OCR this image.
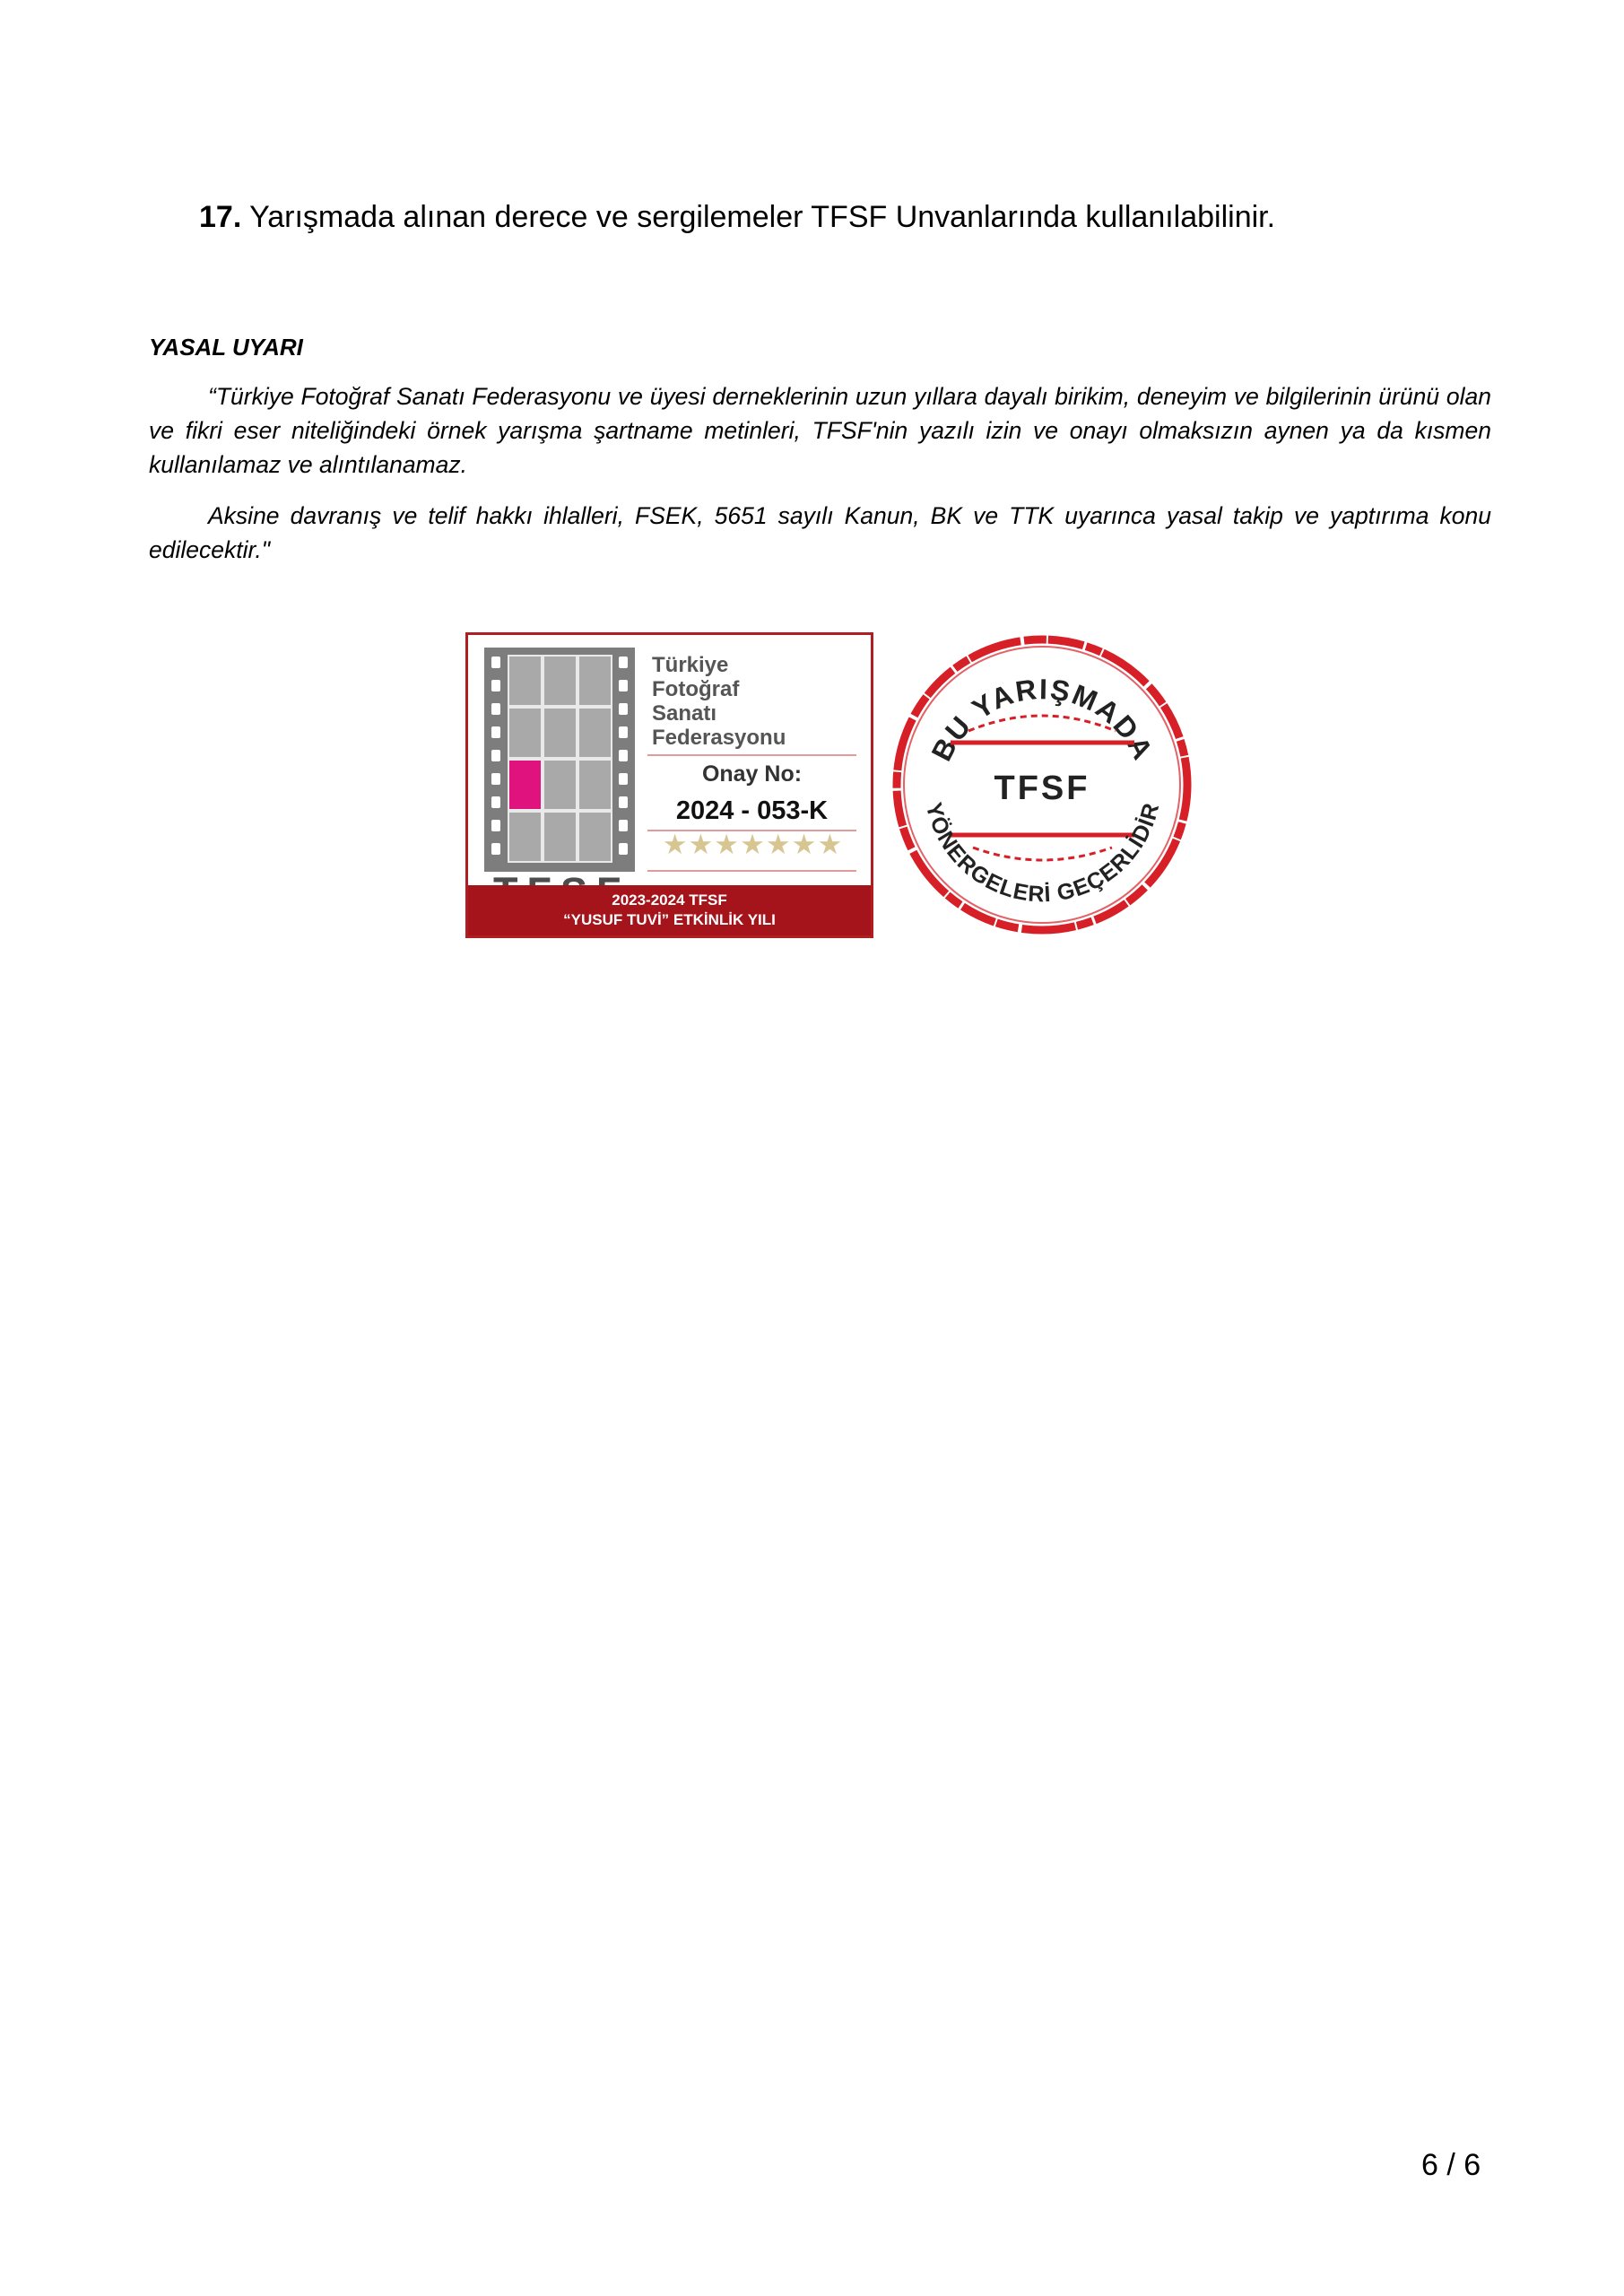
17. Yarışmada alınan derece ve sergilemeler TFSF Unvanlarında kullanılabilinir.
YASAL UYARI

“Türkiye Fotoğraf Sanatı Federasyonu ve üyesi derneklerinin uzun yıllara dayalı birikim, deneyim ve bilgilerinin ürünü olan ve fikri eser niteliğindeki örnek yarışma şartname metinleri, TFSF'nin yazılı izin ve onayı olmaksızın aynen ya da kısmen kullanılamaz ve alıntılanamaz.

Aksine davranış ve telif hakkı ihlalleri, FSEK, 5651 sayılı Kanun, BK ve TTK uyarınca yasal takip ve yaptırıma konu edilecektir."

Türkiye
Fotoğraf
Sanatı
Federasyonu
Onay No:
2024 - 053-K
★★★★★★★
2023-2024 TFSF
“YUSUF TUVİ” ETKİNLİK YILI
BU YARIŞMADA
TFSF
YÖNERGELERİ GEÇERLİDİR
6 / 6
